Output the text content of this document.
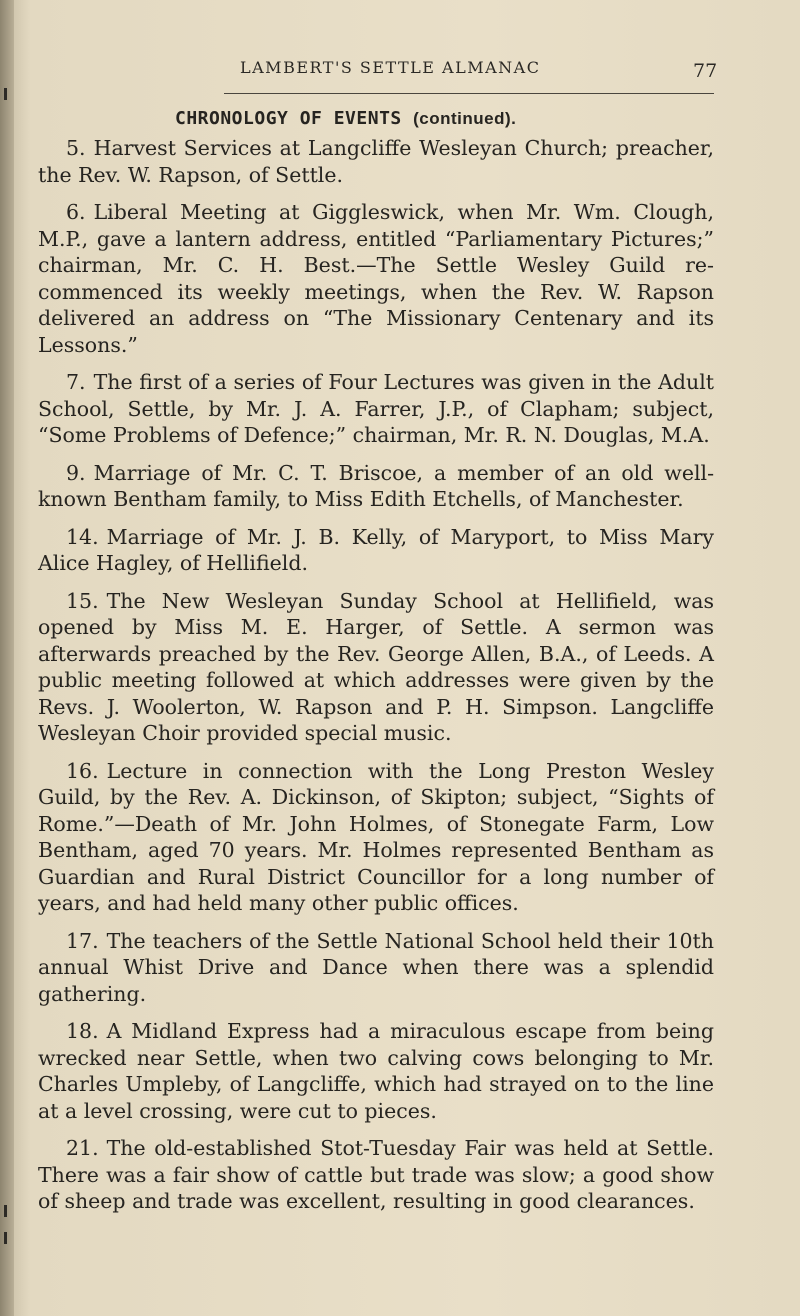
LAMBERT'S SETTLE ALMANAC	77
CHRONOLOGY OF EVENTS (continued).

5. Harvest Services at Langcliffe Wesleyan Church; preacher, the Rev. W. Rapson, of Settle.

6. Liberal Meeting at Giggleswick, when Mr. Wm. Clough, M.P., gave a lantern address, entitled “Parliamentary Pictures;” chairman, Mr. C. H. Best.—The Settle Wesley Guild re-commenced its weekly meetings, when the Rev. W. Rapson delivered an address on “The Missionary Centenary and its Lessons.”

7. The first of a series of Four Lectures was given in the Adult School, Settle, by Mr. J. A. Farrer, J.P., of Clapham; subject, “Some Problems of Defence;” chairman, Mr. R. N. Douglas, M.A.

9. Marriage of Mr. C. T. Briscoe, a member of an old well-known Bentham family, to Miss Edith Etchells, of Manchester.

14. Marriage of Mr. J. B. Kelly, of Maryport, to Miss Mary Alice Hagley, of Hellifield.

15. The New Wesleyan Sunday School at Hellifield, was opened by Miss M. E. Harger, of Settle. A sermon was afterwards preached by the Rev. George Allen, B.A., of Leeds. A public meeting followed at which addresses were given by the Revs. J. Woolerton, W. Rapson and P. H. Simpson. Langcliffe Wesleyan Choir provided special music.

16. Lecture in connection with the Long Preston Wesley Guild, by the Rev. A. Dickinson, of Skipton; subject, “Sights of Rome.”—Death of Mr. John Holmes, of Stonegate Farm, Low Bentham, aged 70 years. Mr. Holmes represented Bentham as Guardian and Rural District Councillor for a long number of years, and had held many other public offices.

17. The teachers of the Settle National School held their 10th annual Whist Drive and Dance when there was a splendid gathering.

18. A Midland Express had a miraculous escape from being wrecked near Settle, when two calving cows belonging to Mr. Charles Umpleby, of Langcliffe, which had strayed on to the line at a level crossing, were cut to pieces.

21. The old-established Stot-Tuesday Fair was held at Settle. There was a fair show of cattle but trade was slow; a good show of sheep and trade was excellent, resulting in good clearances.
